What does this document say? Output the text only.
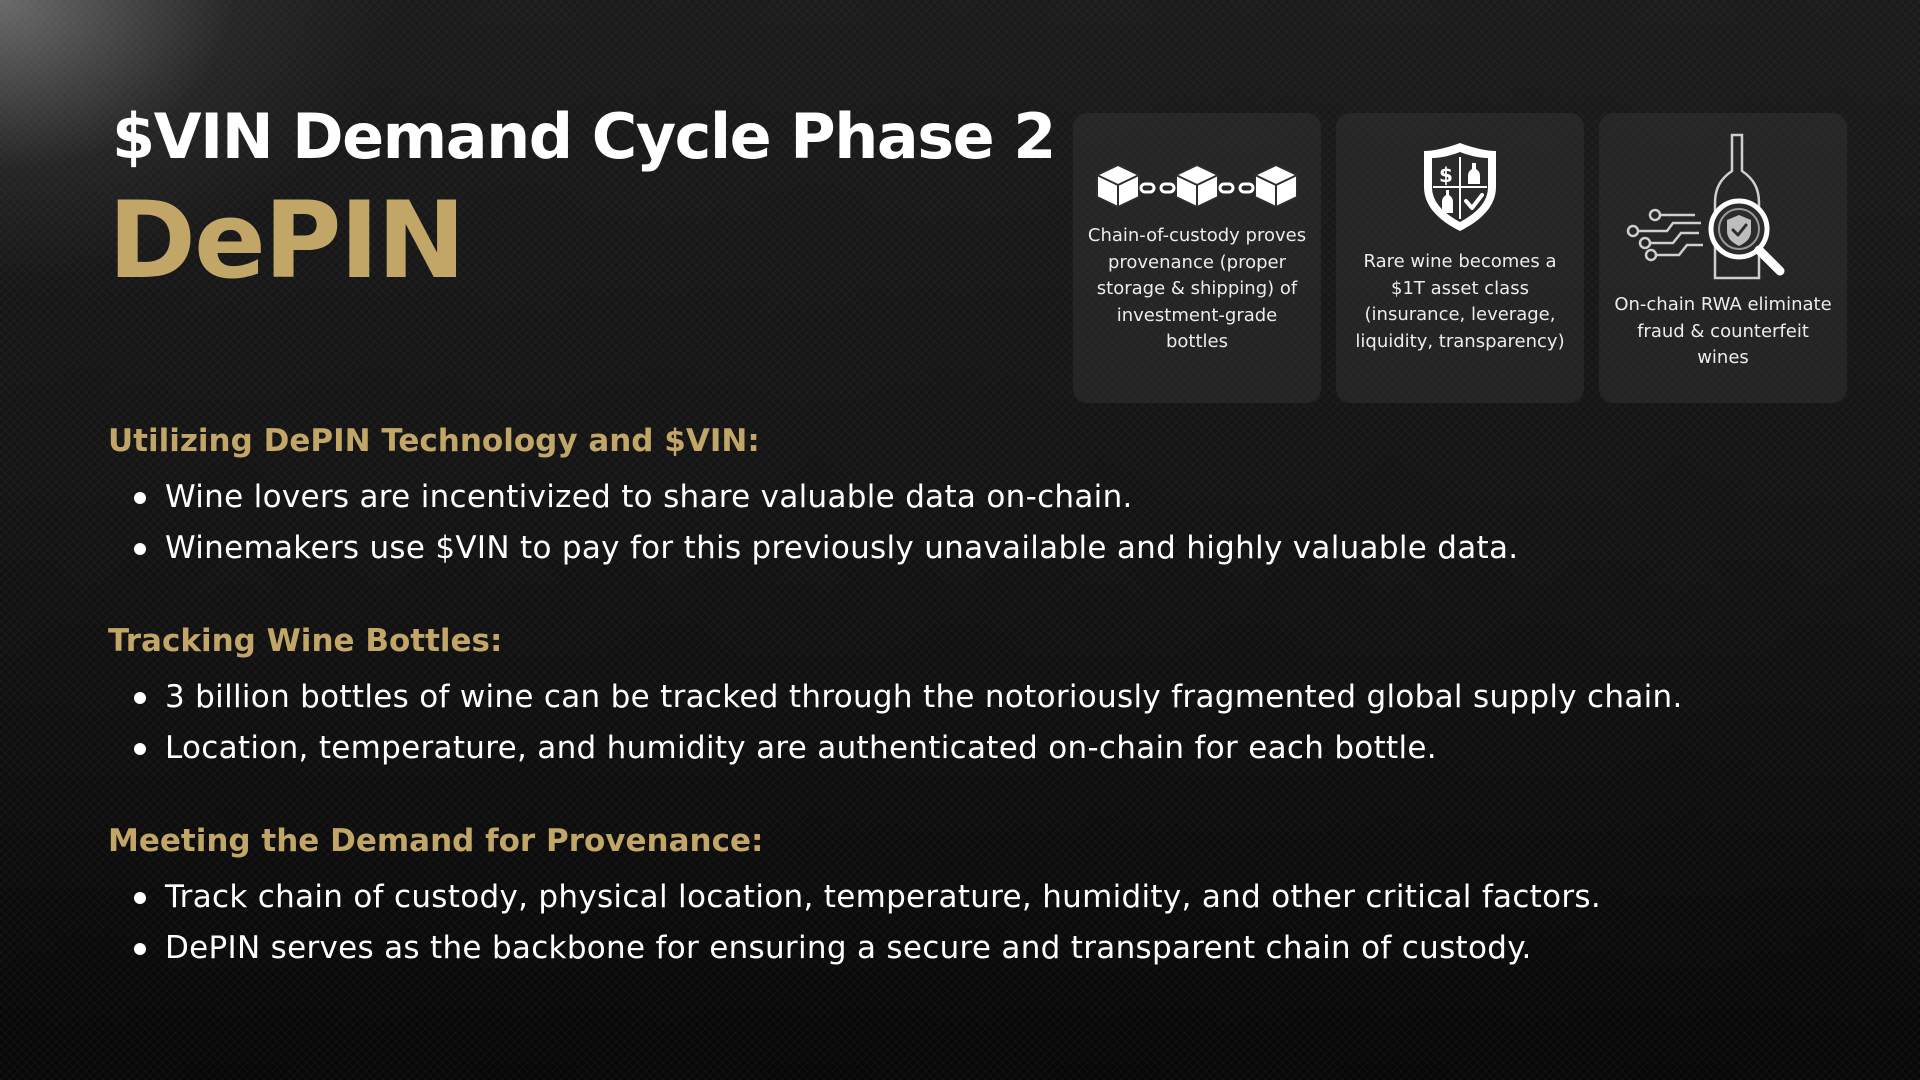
$VIN Demand Cycle Phase 2
DePIN	Chain-of-custody proves provenance (proper storage & shipping) of investment-grade bottles

$

Rare wine becomes a $1T asset class (insurance, leverage, liquidity, transparency)

On-chain RWA eliminate fraud & counterfeit wines

Utilizing DePIN Technology and $VIN:
Wine lovers are incentivized to share valuable data on-chain.
Winemakers use $VIN to pay for this previously unavailable and highly valuable data.
Tracking Wine Bottles:
3 billion bottles of wine can be tracked through the notoriously fragmented global supply chain.
Location, temperature, and humidity are authenticated on-chain for each bottle.
Meeting the Demand for Provenance:
Track chain of custody, physical location, temperature, humidity, and other critical factors.
DePIN serves as the backbone for ensuring a secure and transparent chain of custody.
